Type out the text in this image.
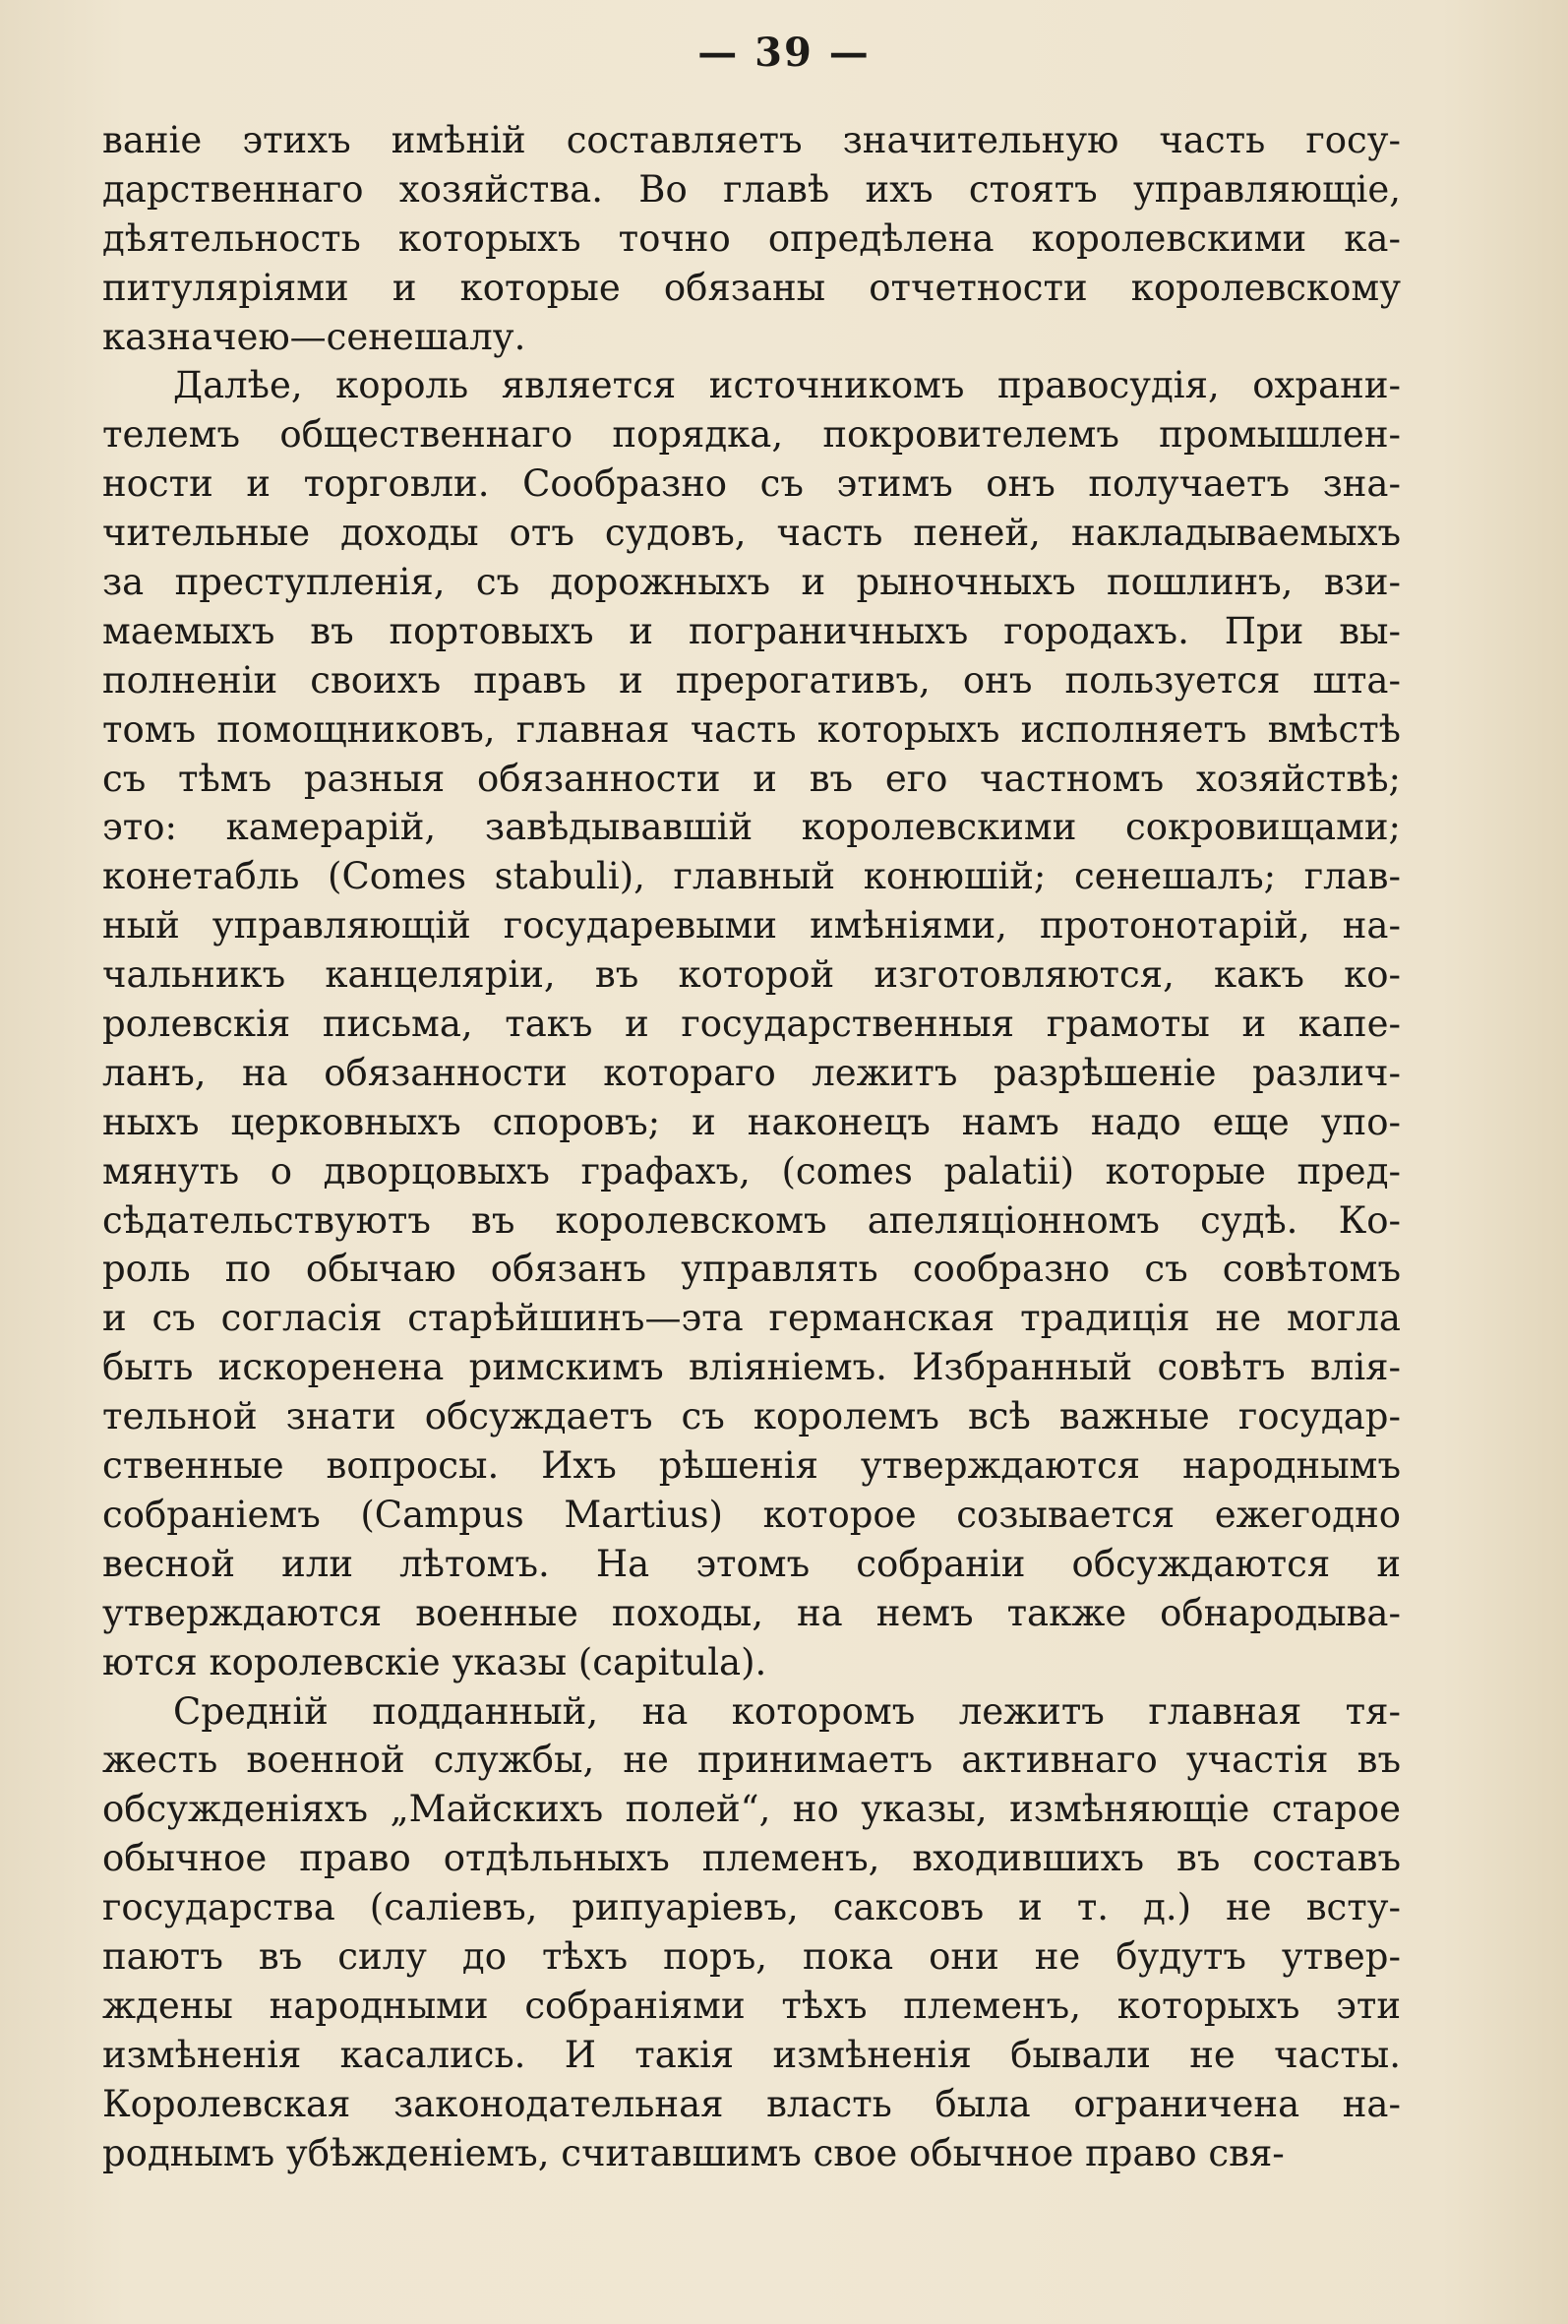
— 39 —
ваніе этихъ имѣній составляетъ значительную часть госу-
дарственнаго хозяйства. Во главѣ ихъ стоятъ управляющіе,
дѣятельность которыхъ точно опредѣлена королевскими ка-
питуляріями и которые обязаны отчетности королевскому
казначею—сенешалу.
Далѣе, король является источникомъ правосудія, охрани-
телемъ общественнаго порядка, покровителемъ промышлен-
ности и торговли. Сообразно съ этимъ онъ получаетъ зна-
чительные доходы отъ судовъ, часть пеней, накладываемыхъ
за преступленія, съ дорожныхъ и рыночныхъ пошлинъ, взи-
маемыхъ въ портовыхъ и пограничныхъ городахъ. При вы-
полненіи своихъ правъ и прерогативъ, онъ пользуется шта-
томъ помощниковъ, главная часть которыхъ исполняетъ вмѣстѣ
съ тѣмъ разныя обязанности и въ его частномъ хозяйствѣ;
это: камерарій, завѣдывавшій королевскими сокровищами;
конетабль (Comes stabuli), главный конюшій; сенешалъ; глав-
ный управляющій государевыми имѣніями, протонотарій, на-
чальникъ канцеляріи, въ которой изготовляются, какъ ко-
ролевскія письма, такъ и государственныя грамоты и капе-
ланъ, на обязанности котораго лежитъ разрѣшеніе различ-
ныхъ церковныхъ споровъ; и наконецъ намъ надо еще упо-
мянуть о дворцовыхъ графахъ, (comes palatii) которые пред-
сѣдательствуютъ въ королевскомъ апеляціонномъ судѣ. Ко-
роль по обычаю обязанъ управлять сообразно съ совѣтомъ
и съ согласія старѣйшинъ—эта германская традиція не могла
быть искоренена римскимъ вліяніемъ. Избранный совѣтъ влія-
тельной знати обсуждаетъ съ королемъ всѣ важные государ-
ственные вопросы. Ихъ рѣшенія утверждаются народнымъ
собраніемъ (Campus Martius) которое созывается ежегодно
весной или лѣтомъ. На этомъ собраніи обсуждаются и
утверждаются военные походы, на немъ также обнародыва-
ются королевскіе указы (capitula).
Средній подданный, на которомъ лежитъ главная тя-
жесть военной службы, не принимаетъ активнаго участія въ
обсужденіяхъ „Майскихъ полей“, но указы, измѣняющіе старое
обычное право отдѣльныхъ племенъ, входившихъ въ составъ
государства (саліевъ, рипуаріевъ, саксовъ и т. д.) не всту-
паютъ въ силу до тѣхъ поръ, пока они не будутъ утвер-
ждены народными собраніями тѣхъ племенъ, которыхъ эти
измѣненія касались. И такія измѣненія бывали не часты.
Королевская законодательная власть была ограничена на-
роднымъ убѣжденіемъ, считавшимъ свое обычное право свя-
